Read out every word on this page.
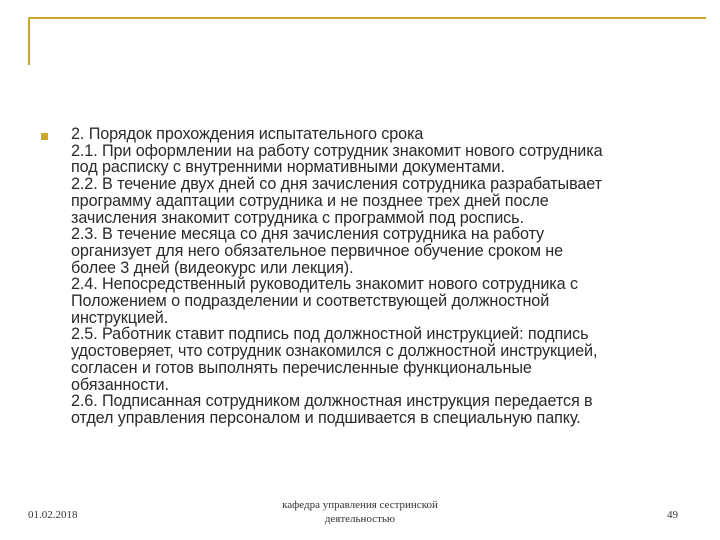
2. Порядок прохождения испытательного срока
2.1. При оформлении на работу сотрудник знакомит нового сотрудника
под расписку с внутренними нормативными документами.
2.2. В течение двух дней со дня зачисления сотрудника разрабатывает
программу адаптации сотрудника и не позднее трех дней после
зачисления знакомит сотрудника с программой под роспись.
2.3. В течение месяца со дня зачисления сотрудника на работу
организует для него обязательное первичное обучение сроком не
более 3 дней (видеокурс или лекция).
2.4. Непосредственный руководитель знакомит нового сотрудника с
Положением о подразделении и соответствующей должностной
инструкцией.
2.5. Работник ставит подпись под должностной инструкцией: подпись
удостоверяет, что сотрудник ознакомился с должностной инструкцией,
согласен и готов выполнять перечисленные функциональные
обязанности.
2.6. Подписанная сотрудником должностная инструкция передается в
отдел управления персоналом и подшивается в специальную папку.
01.02.2018
кафедра управления сестринской
деятельностью	49
